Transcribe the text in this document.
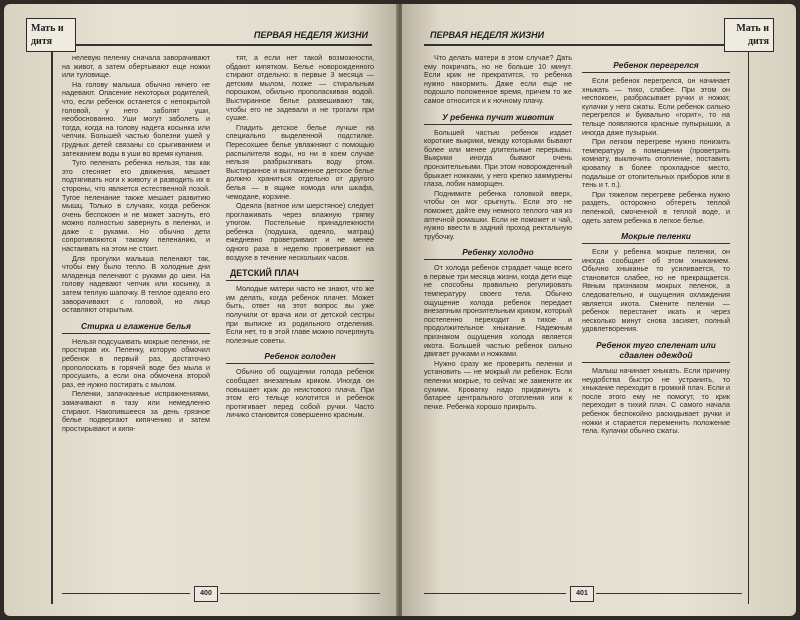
Мать и дитя
ПЕРВАЯ НЕДЕЛЯ ЖИЗНИ

нелевую пеленку сначала заворачивают на живот, а затем обертывают еще ножки или туловище.

На голову малыша обычно ничего не надевают. Опасение некоторых родителей, что, если ребенок останется с непокрытой головой, у него заболят уши, необоснованно. Уши могут заболеть и тогда, когда на голову надета косынка или чепчик. Большей частью болезни ушей у грудных детей связаны со срыгиванием и затеканием воды в уши во время купания.

Туго пеленать ребенка нельзя, так как это стесняет его движения, мешает подтягивать ноги к животу и разводить их в стороны, что является естественной позой. Тугое пеленание также мешает развитию мышц. Только в случаях, когда ребенок очень беспокоен и не может заснуть, его можно полностью завернуть в пеленки, и даже с руками. Но обычно дети сопротивляются такому пеленанию, и настаивать на этом не стоит.

Для прогулки малыша пеленают так, чтобы ему было тепло. В холодные дни младенца пеленают с руками до шеи. На голову надевают чепчик или косынку, а затем теплую шапочку. В теплое одеяло его заворачивают с головой, но лицо оставляют открытым.

Стирка и глажение белья

Нельзя подсушивать мокрые пеленки, не простирав их. Пеленку, которую обмочил ребенок в первый раз, достаточно прополоскать в горячей воде без мыла и просушить, а если она обмочена второй раз, ее нужно постирать с мылом.

Пеленки, запачканные испражнениями, замачивают в тазу или немедленно стирают. Накопившееся за день грязное белье подвергают кипячению и затем простирывают и кипя-

тят, а если нет такой возможности, обдают кипятком. Белье новорожденного стирают отдельно: в первые 3 месяца — детским мылом, позже — стиральным порошком, обильно прополаскивая водой. Выстиранное белье развешивают так, чтобы его не задевали и не трогали при сушке.

Гладить детское белье лучше на специально выделенной подстилке. Пересохшее белье увлажняют с помощью распылителя воды, но ни в коем случае нельзя разбрызгивать воду ртом. Выстиранное и выглаженное детское белье должно храниться отдельно от другого белья — в ящике комода или шкафа, чемодане, корзине.

Одеяла (ватное или шерстяное) следует проглаживать через влажную тряпку утюгом. Постельные принадлежности ребенка (подушка, одеяло, матрац) ежедневно проветривают и не менее одного раза в неделю проветривают на воздухе в течение нескольких часов.

ДЕТСКИЙ ПЛАЧ

Молодые матери часто не знают, что же им делать, когда ребенок плачет. Может быть, ответ на этот вопрос вы уже получили от врача или от детской сестры при выписке из родильного отделения. Если нет, то в этой главе можно почерпнуть полезные советы.

Ребенок голоден

Обычно об ощущении голода ребенок сообщает внезапным криком. Иногда он повышает крик до неистового плача. При этом его тельце колотится и ребенок протягивает перед собой ручки. Часто личико становится совершенно красным.

400
Мать и дитя
ПЕРВАЯ НЕДЕЛЯ ЖИЗНИ

Что делать матери в этом случае? Дать ему покричать, но не больше 10 минут. Если крик не прекратится, то ребенка нужно накормить. Даже если еще не подошло положенное время, причем то же самое относится и к ночному плачу.

У ребенка пучит животик

Большей частью ребенок издает короткие выкрики, между которыми бывают более или менее длительные перерывы. Выкрики иногда бывают очень пронзительными. При этом новорожденный брыкает ножками, у него крепко зажмурены глаза, лобик наморщен.

Поднимите ребенка головкой вверх, чтобы он мог срыгнуть. Если это не поможет, дайте ему немного теплого чая из аптечной ромашки. Если не поможет и чай, нужно ввести в задний проход ректальную трубочку.

Ребенку холодно

От холода ребенок страдает чаще всего в первые три месяца жизни, когда дети еще не способны правильно регулировать температуру своего тела. Обычно ощущение холода ребенок передает внезапным пронзительным криком, который постепенно переходит в тихое и продолжительное хныкание. Надежным признаком ощущения холода является икота. Большей частью ребенок сильно двигает ручками и ножками.

Нужно сразу же проверить пеленки и установить — не мокрый ли ребенок. Если пеленки мокрые, то сейчас же замените их сухими. Кроватку надо придвинуть к батарее центрального отопления или к печке. Ребенка хорошо прикрыть.

Ребенок перегрелся

Если ребенок перегрелся, он начинает хныкать — тихо, слабее. При этом он неспокоен, разбрасывает ручки и ножки; кулачки у него сжаты. Если ребенок сильно перегрелся и буквально «горит», то на тельце появляются красные пупырышки, а иногда даже пузырьки.

При легком перегреве нужно понизить температуру в помещении (проветрить комнату, выключить отопление, поставить кроватку в более прохладное место, подальше от отопительных приборов или в тень и т. п.).

При тяжелом перегреве ребенка нужно раздеть, осторожно обтереть теплой пеленкой, смоченной в теплой воде, и одеть затем ребенка в легкое белье.

Мокрые пеленки

Если у ребенка мокрые пеленки, он иногда сообщает об этом хныканием. Обычно хныканье то усиливается, то становится слабее, но не прекращается. Явным признаком мокрых пеленок, а следовательно, и ощущения охлаждения является икота. Смените пеленки — ребенок перестанет икать и через несколько минут снова засияет, полный удовлетворения.

Ребенок туго спеленат или сдавлен одеждой

Малыш начинает хныкать. Если причину неудобства быстро не устранить, то хныкание переходит в громкий плач. Если и после этого ему не помогут, то крик переходит в тихий плач. С самого начала ребенок беспокойно раскидывает ручки и ножки и старается переменить положение тела. Кулачки обычно сжаты.

401
